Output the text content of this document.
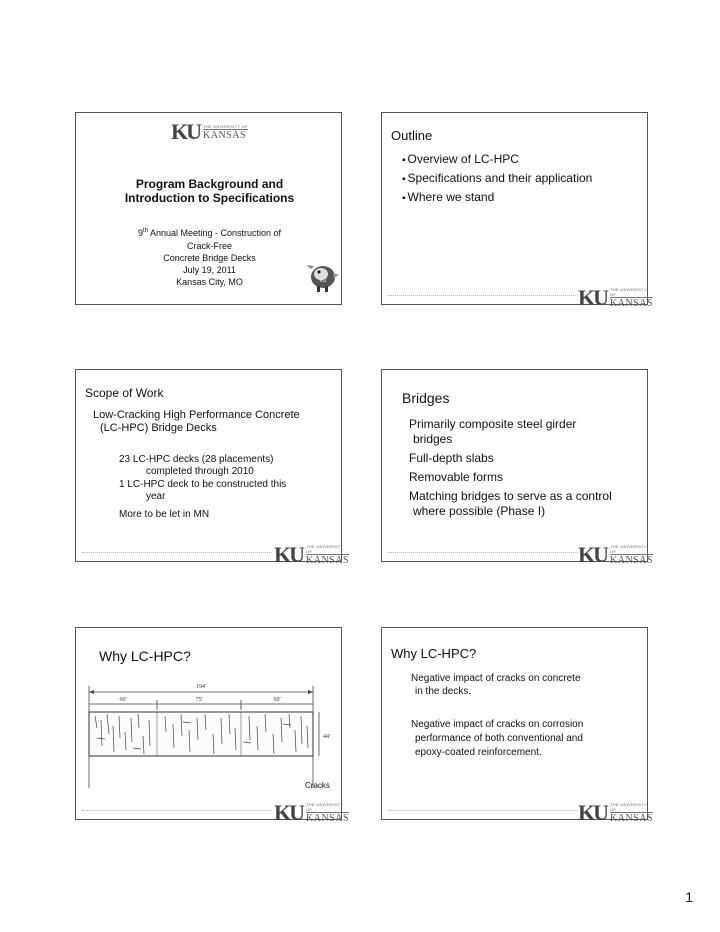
KU THE UNIVERSITY OF
KANSAS
Program Background and
Introduction to Specifications
9th Annual Meeting - Construction of
Crack-Free
Concrete Bridge Decks
July 19, 2011
Kansas City, MO	KU
Outline
▪ Overview of LC-HPC
▪ Specifications and their application
▪ Where we stand
KU THE UNIVERSITY OF
KANSAS
Scope of Work
Low-Cracking High Performance Concrete
(LC-HPC) Bridge Decks
23 LC-HPC decks (28 placements)
completed through 2010
1 LC-HPC deck to be constructed this
year
More to be let in MN
KU THE UNIVERSITY OF
KANSAS
Bridges
Primarily composite steel girder
bridges
Full-depth slabs
Removable forms
Matching bridges to serve as a control
where possible (Phase I)
KU THE UNIVERSITY OF
KANSAS
Why LC-HPC?
194'
60'	75'	60'
44'
Cracks
KU THE UNIVERSITY OF
KANSAS
Why LC-HPC?
Negative impact of cracks on concrete
in the decks.
Negative impact of cracks on corrosion
performance of both conventional and
epoxy-coated reinforcement.
KU THE UNIVERSITY OF
KANSAS
1
